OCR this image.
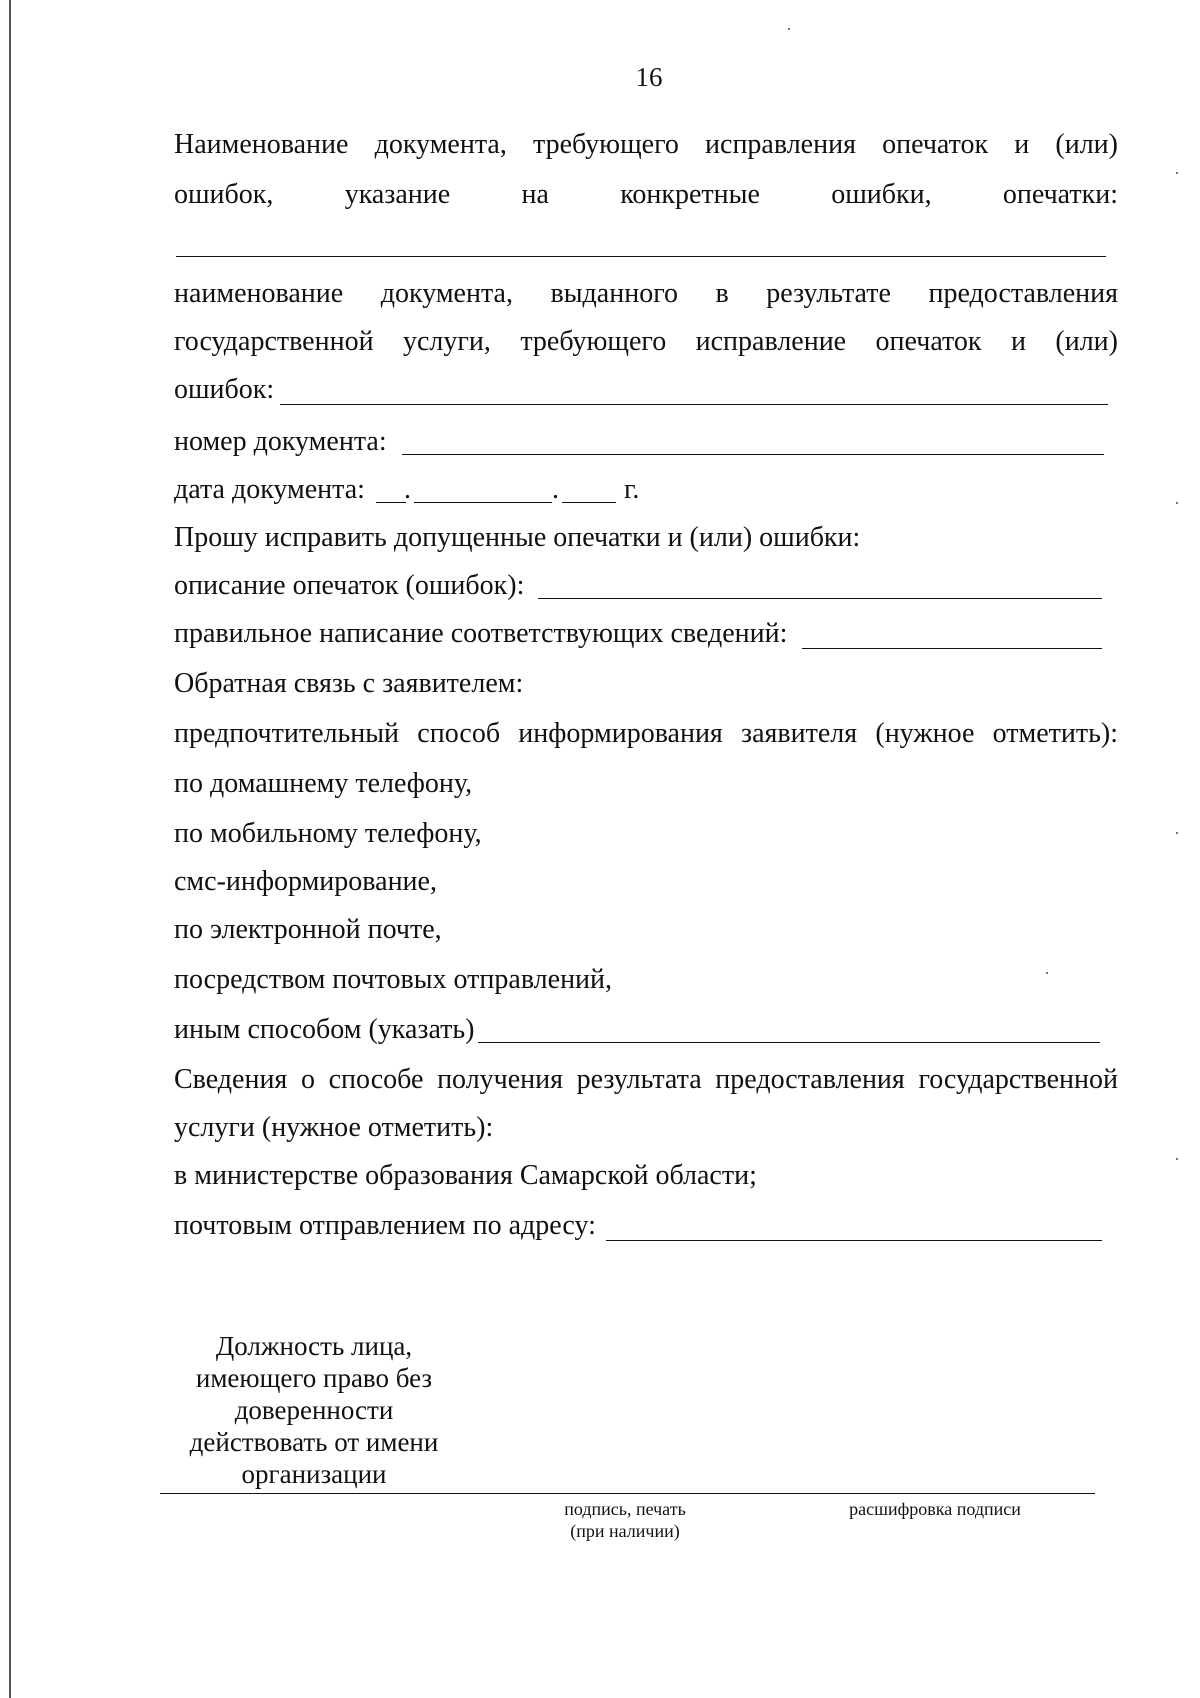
16
Наименование документа, требующего исправления опечаток и (или)
ошибок, указание на конкретные ошибки, опечатки:
наименование документа, выданного в результате предоставления
государственной услуги, требующего исправление опечаток и (или)
ошибок:
номер документа:
дата документа: .	. г.
Прошу исправить допущенные опечатки и (или) ошибки:
описание опечаток (ошибок):
правильное написание соответствующих сведений:
Обратная связь с заявителем:
предпочтительный способ информирования заявителя (нужное отметить):
по домашнему телефону,
по мобильному телефону,
смс-информирование,
по электронной почте,
посредством почтовых отправлений,
иным способом (указать)
Сведения о способе получения результата предоставления государственной
услуги (нужное отметить):
в министерстве образования Самарской области;
почтовым отправлением по адресу:
Должность лица,
имеющего право без
доверенности
действовать от имени
организации
подпись, печать
(при наличии)
расшифровка подписи
